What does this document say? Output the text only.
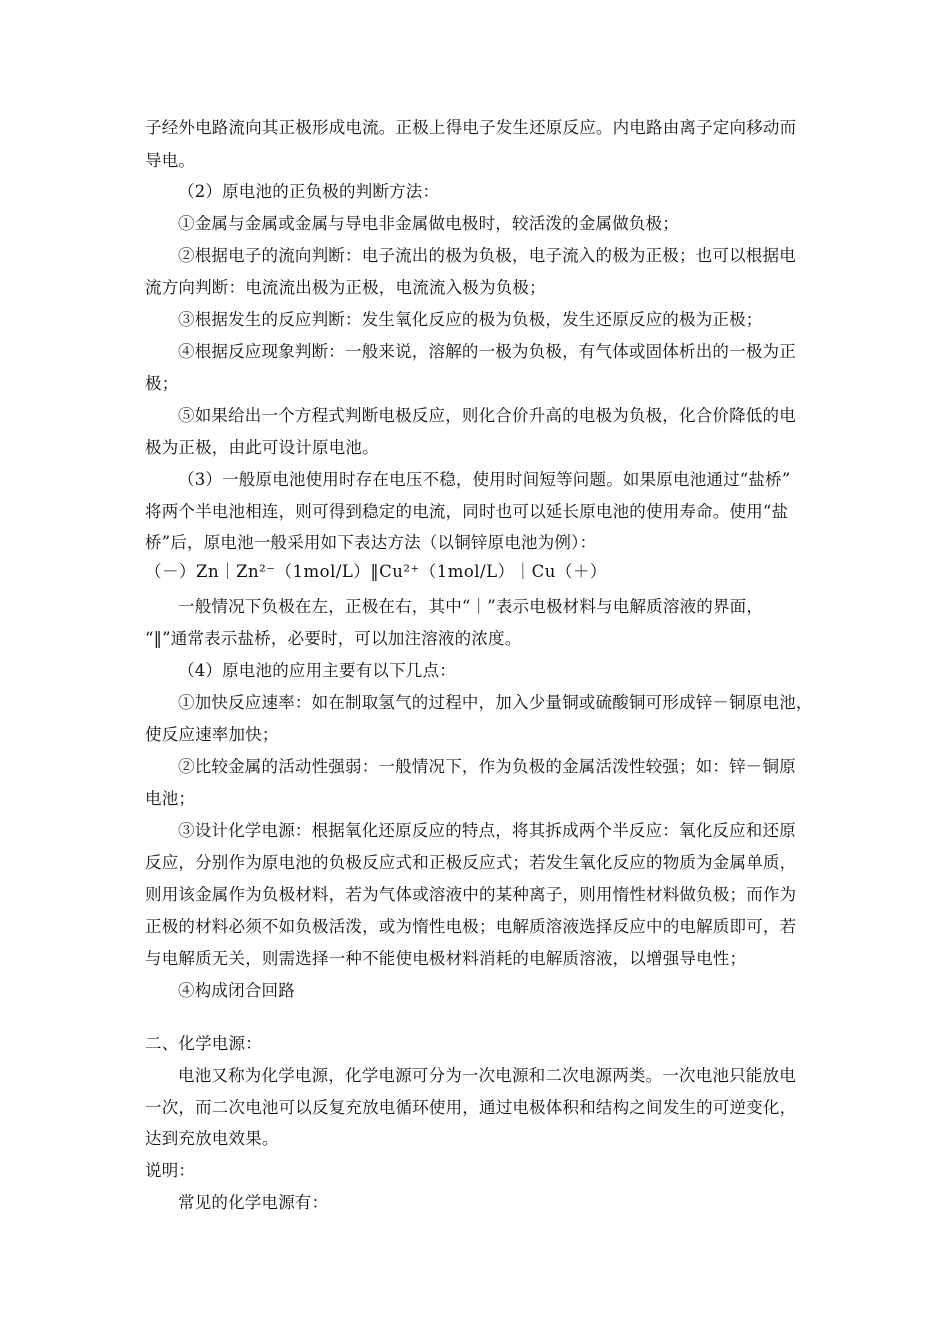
子经外电路流向其正极形成电流。正极上得电子发生还原反应。内电路由离子定向移动而
导电。
（2）原电池的正负极的判断方法：
①金属与金属或金属与导电非金属做电极时，较活泼的金属做负极；
②根据电子的流向判断：电子流出的极为负极，电子流入的极为正极；也可以根据电
流方向判断：电流流出极为正极，电流流入极为负极；
③根据发生的反应判断：发生氧化反应的极为负极，发生还原反应的极为正极；
④根据反应现象判断：一般来说，溶解的一极为负极，有气体或固体析出的一极为正
极；
⑤如果给出一个方程式判断电极反应，则化合价升高的电极为负极，化合价降低的电
极为正极，由此可设计原电池。
（3）一般原电池使用时存在电压不稳，使用时间短等问题。如果原电池通过“盐桥”
将两个半电池相连，则可得到稳定的电流，同时也可以延长原电池的使用寿命。使用“盐
桥”后，原电池一般采用如下表达方法（以铜锌原电池为例）：
（－）Zn｜Zn²⁻（1mol/L）‖Cu²⁺（1mol/L）｜Cu（＋）
一般情况下负极在左，正极在右，其中“｜”表示电极材料与电解质溶液的界面，
“‖”通常表示盐桥，必要时，可以加注溶液的浓度。
（4）原电池的应用主要有以下几点：
①加快反应速率：如在制取氢气的过程中，加入少量铜或硫酸铜可形成锌－铜原电池，
使反应速率加快；
②比较金属的活动性强弱：一般情况下，作为负极的金属活泼性较强；如：锌－铜原
电池；
③设计化学电源：根据氧化还原反应的特点，将其拆成两个半反应：氧化反应和还原
反应，分别作为原电池的负极反应式和正极反应式；若发生氧化反应的物质为金属单质，
则用该金属作为负极材料，若为气体或溶液中的某种离子，则用惰性材料做负极；而作为
正极的材料必须不如负极活泼，或为惰性电极；电解质溶液选择反应中的电解质即可，若
与电解质无关，则需选择一种不能使电极材料消耗的电解质溶液，以增强导电性；
④构成闭合回路
二、化学电源：
电池又称为化学电源，化学电源可分为一次电源和二次电源两类。一次电池只能放电
一次，而二次电池可以反复充放电循环使用，通过电极体积和结构之间发生的可逆变化，
达到充放电效果。
说明：
常见的化学电源有：
